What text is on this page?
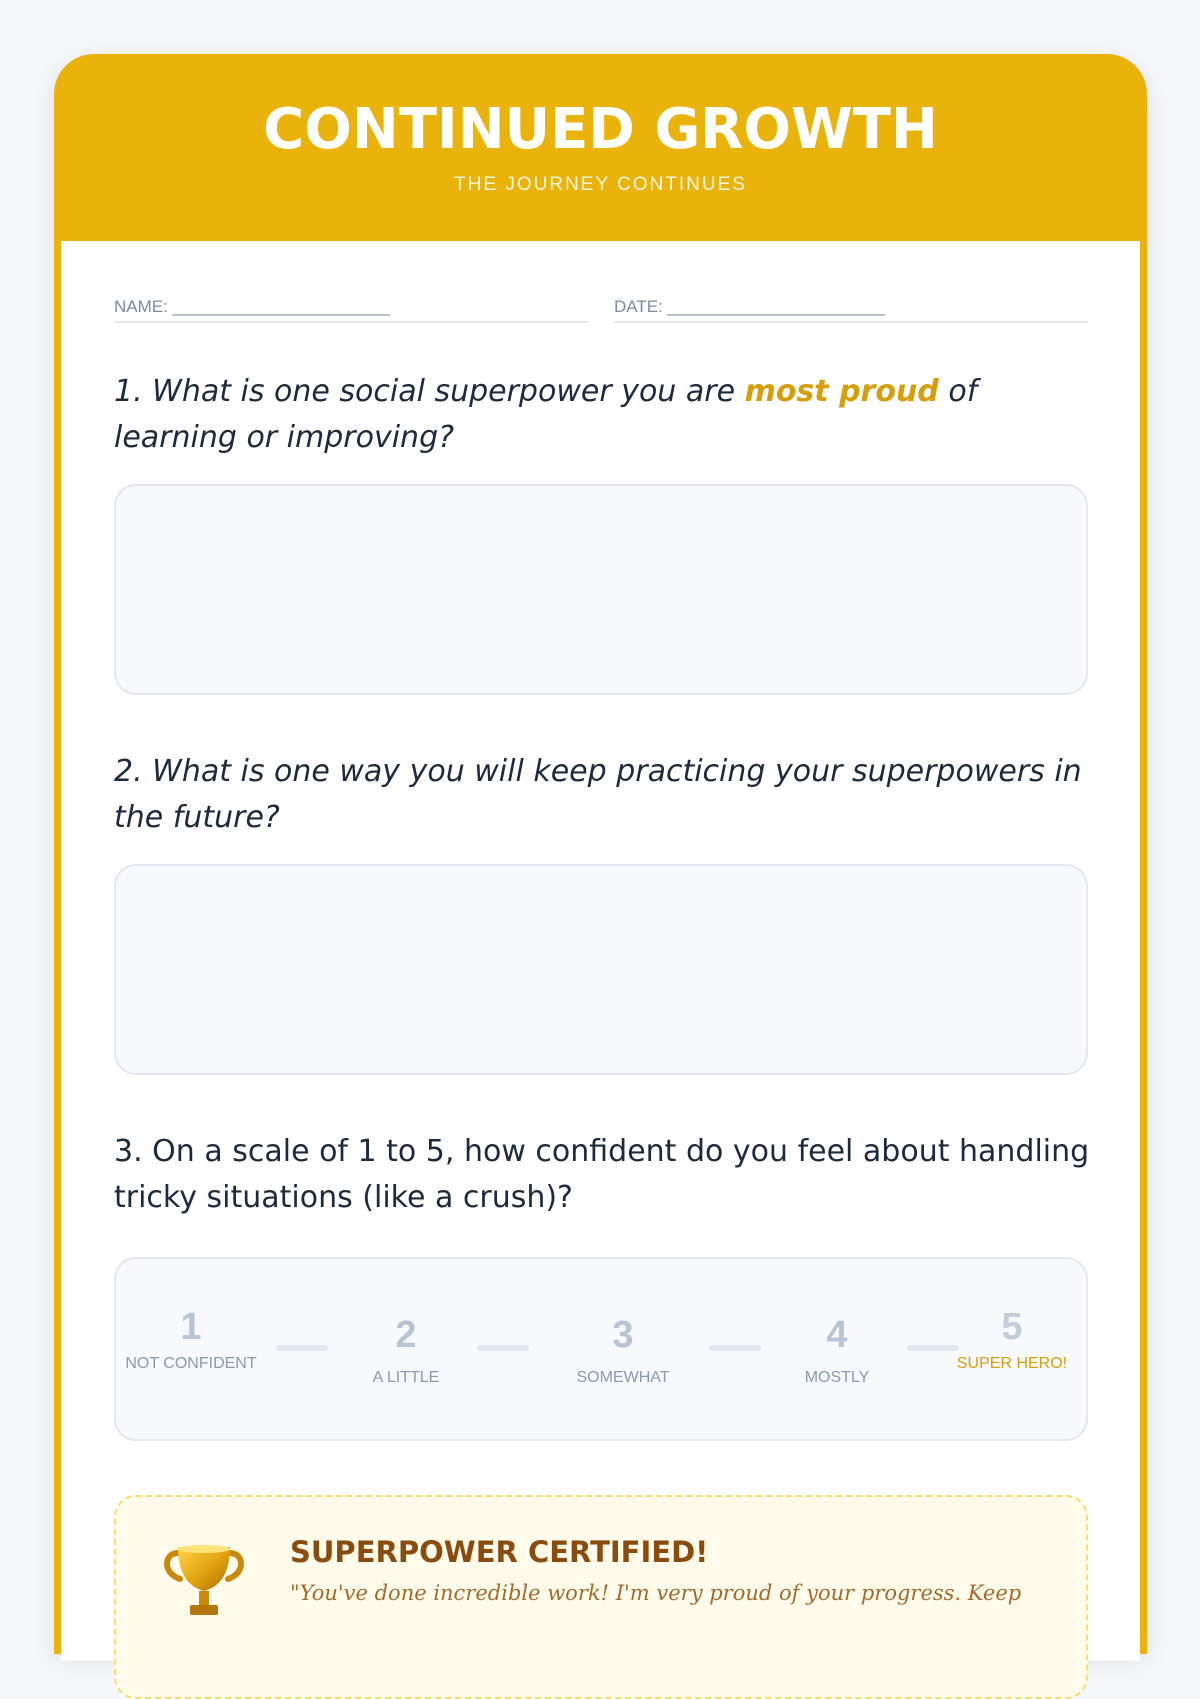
CONTINUED GROWTH
THE JOURNEY CONTINUES
NAME: _______________________	DATE: _______________________
1. What is one social superpower you are most proud of learning or improving?
2. What is one way you will keep practicing your superpowers in the future?
3. On a scale of 1 to 5, how confident do you feel about handling tricky situations (like a crush)?
1
NOT CONFIDENT
2
A LITTLE
3
SOMEWHAT
4
MOSTLY
5
SUPER HERO!
SUPERPOWER CERTIFIED!
"You've done incredible work! I'm very proud of your progress. Keep
